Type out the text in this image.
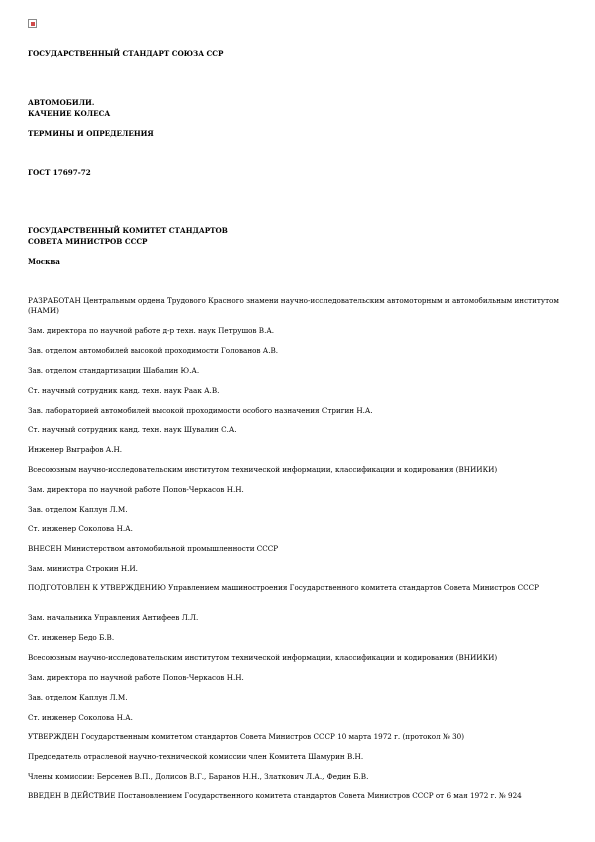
ГОСУДАРСТВЕННЫЙ СТАНДАРТ СОЮЗА ССР

АВТОМОБИЛИ.

КАЧЕНИЕ КОЛЕСА

ТЕРМИНЫ И ОПРЕДЕЛЕНИЯ

ГОСТ 17697-72

ГОСУДАРСТВЕННЫЙ КОМИТЕТ СТАНДАРТОВ

СОВЕТА МИНИСТРОВ СССР

Москва

РАЗРАБОТАН Центральным ордена Трудового Красного знамени научно-исследовательским автомоторным и автомобильным институтом (НАМИ)

Зам. директора по научной работе д-р техн. наук Петрушов В.А.

Зав. отделом автомобилей высокой проходимости Голованов А.В.

Зав. отделом стандартизации Шабалин Ю.А.

Ст. научный сотрудник канд. техн. наук Раак А.В.

Зав. лабораторией автомобилей высокой проходимости особого назначения Стригин Н.А.

Ст. научный сотрудник канд. техн. наук Шувалин С.А.

Инженер Выграфов А.Н.

Всесоюзным научно-исследовательским институтом технической информации, классификации и кодирования (ВНИИКИ)

Зам. директора по научной работе Попов-Черкасов Н.Н.

Зав. отделом Каплун Л.М.

Ст. инженер Соколова Н.А.

ВНЕСЕН Министерством автомобильной промышленности СССР

Зам. министра Строкин Н.И.

ПОДГОТОВЛЕН К УТВЕРЖДЕНИЮ Управлением машиностроения Государственного комитета стандартов Совета Министров СССР

Зам. начальника Управления Антифеев Л.Л.

Ст. инженер Бедо Б.В.

Всесоюзным научно-исследовательским институтом технической информации, классификации и кодирования (ВНИИКИ)

Зам. директора по научной работе Попов-Черкасов Н.Н.

Зав. отделом Каплун Л.М.

Ст. инженер Соколова Н.А.

УТВЕРЖДЕН Государственным комитетом стандартов Совета Министров СССР 10 марта 1972 г. (протокол № 30)

Председатель отраслевой научно-технической комиссии член Комитета Шамурин В.Н.

Члены комиссии: Берсенев В.П., Долисов В.Г., Баранов Н.Н., Златкович Л.А., Федин Б.В.

ВВЕДЕН В ДЕЙСТВИЕ Постановлением Государственного комитета стандартов Совета Министров СССР от 6 мая 1972 г. № 924
